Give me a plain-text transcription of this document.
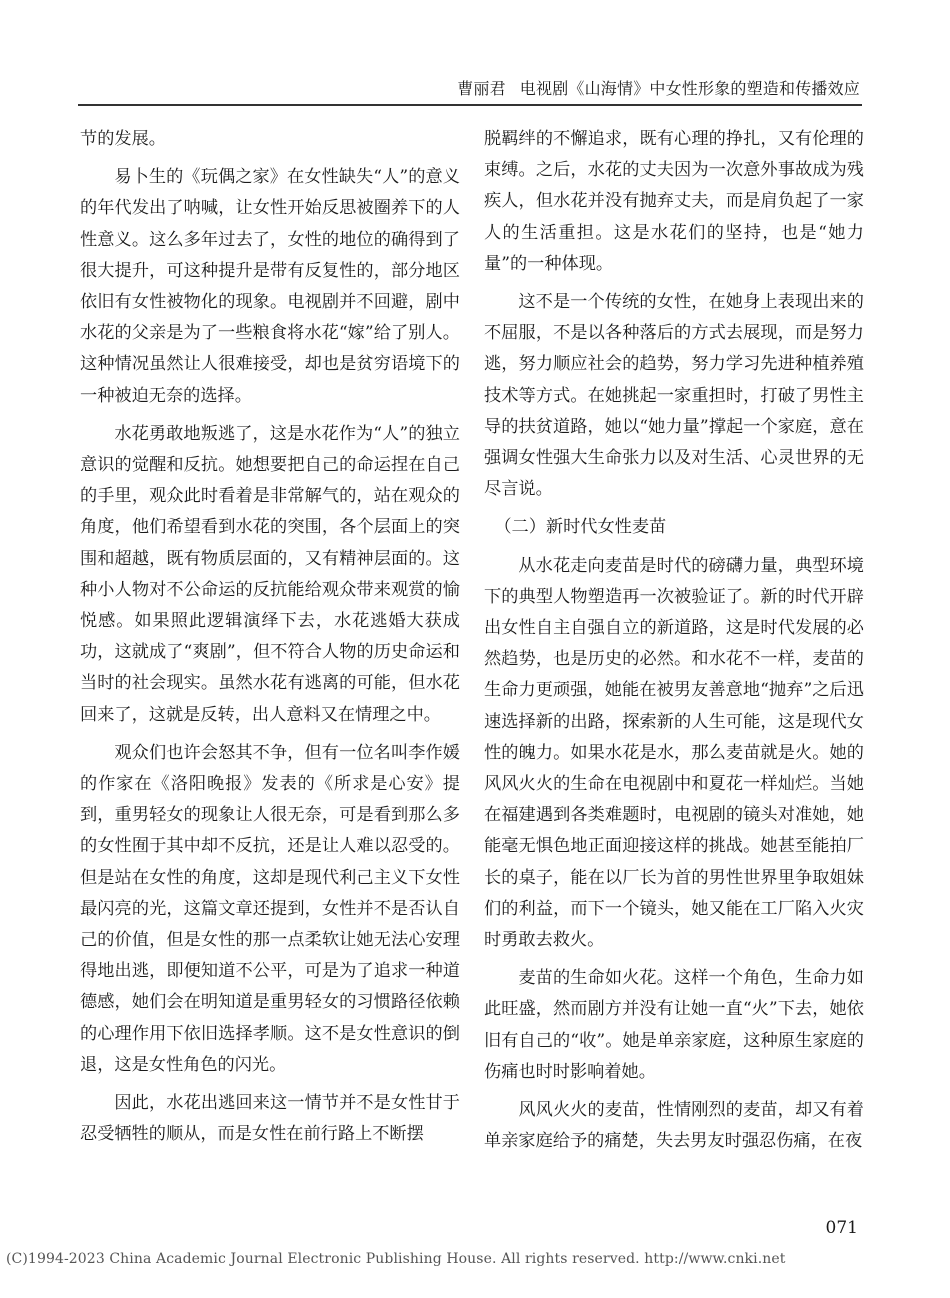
曹丽君 电视剧《山海情》中女性形象的塑造和传播效应

节的发展。

易卜生的《玩偶之家》在女性缺失“人”的意义的年代发出了呐喊，让女性开始反思被圈养下的人性意义。这么多年过去了，女性的地位的确得到了很大提升，可这种提升是带有反复性的，部分地区依旧有女性被物化的现象。电视剧并不回避，剧中水花的父亲是为了一些粮食将水花“嫁”给了别人。这种情况虽然让人很难接受，却也是贫穷语境下的一种被迫无奈的选择。

水花勇敢地叛逃了，这是水花作为“人”的独立意识的觉醒和反抗。她想要把自己的命运捏在自己的手里，观众此时看着是非常解气的，站在观众的角度，他们希望看到水花的突围，各个层面上的突围和超越，既有物质层面的，又有精神层面的。这种小人物对不公命运的反抗能给观众带来观赏的愉悦感。如果照此逻辑演绎下去，水花逃婚大获成功，这就成了“爽剧”，但不符合人物的历史命运和当时的社会现实。虽然水花有逃离的可能，但水花回来了，这就是反转，出人意料又在情理之中。

观众们也许会怒其不争，但有一位名叫李作媛的作家在《洛阳晚报》发表的《所求是心安》提到，重男轻女的现象让人很无奈，可是看到那么多的女性囿于其中却不反抗，还是让人难以忍受的。但是站在女性的角度，这却是现代利己主义下女性最闪亮的光，这篇文章还提到，女性并不是否认自己的价值，但是女性的那一点柔软让她无法心安理得地出逃，即便知道不公平，可是为了追求一种道德感，她们会在明知道是重男轻女的习惯路径依赖的心理作用下依旧选择孝顺。这不是女性意识的倒退，这是女性角色的闪光。

因此，水花出逃回来这一情节并不是女性甘于忍受牺牲的顺从，而是女性在前行路上不断摆

脱羁绊的不懈追求，既有心理的挣扎，又有伦理的束缚。之后，水花的丈夫因为一次意外事故成为残疾人，但水花并没有抛弃丈夫，而是肩负起了一家人的生活重担。这是水花们的坚持，也是“她力量”的一种体现。

这不是一个传统的女性，在她身上表现出来的不屈服，不是以各种落后的方式去展现，而是努力逃，努力顺应社会的趋势，努力学习先进种植养殖技术等方式。在她挑起一家重担时，打破了男性主导的扶贫道路，她以“她力量”撑起一个家庭，意在强调女性强大生命张力以及对生活、心灵世界的无尽言说。

（二）新时代女性麦苗

从水花走向麦苗是时代的磅礴力量，典型环境下的典型人物塑造再一次被验证了。新的时代开辟出女性自主自强自立的新道路，这是时代发展的必然趋势，也是历史的必然。和水花不一样，麦苗的生命力更顽强，她能在被男友善意地“抛弃”之后迅速选择新的出路，探索新的人生可能，这是现代女性的魄力。如果水花是水，那么麦苗就是火。她的风风火火的生命在电视剧中和夏花一样灿烂。当她在福建遇到各类难题时，电视剧的镜头对准她，她能毫无惧色地正面迎接这样的挑战。她甚至能拍厂长的桌子，能在以厂长为首的男性世界里争取姐妹们的利益，而下一个镜头，她又能在工厂陷入火灾时勇敢去救火。

麦苗的生命如火花。这样一个角色，生命力如此旺盛，然而剧方并没有让她一直“火”下去，她依旧有自己的“收”。她是单亲家庭，这种原生家庭的伤痛也时时影响着她。

风风火火的麦苗，性情刚烈的麦苗，却又有着单亲家庭给予的痛楚，失去男友时强忍伤痛，在夜

071
(C)1994-2023 China Academic Journal Electronic Publishing House. All rights reserved. http://www.cnki.net
